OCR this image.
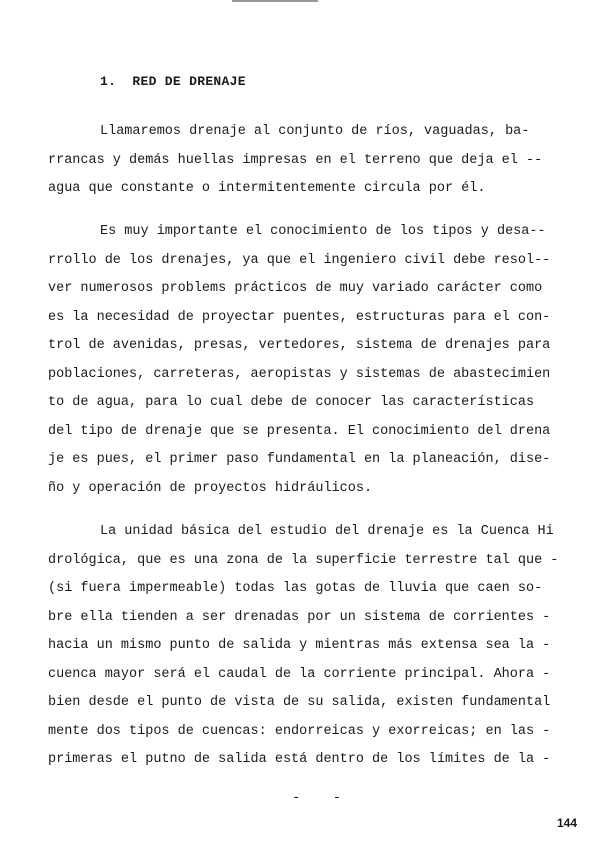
1.  RED DE DRENAJE
Llamaremos drenaje al conjunto de ríos, vaguadas, ba-
rrancas y demás huellas impresas en el terreno que deja el --
agua que constante o intermitentemente circula por él.
Es muy importante el conocimiento de los tipos y desa--
rrollo de los drenajes, ya que el ingeniero civil debe resol--
ver numerosos problems prácticos de muy variado carácter como
es la necesidad de proyectar puentes, estructuras para el con-
trol de avenidas, presas, vertedores, sistema de drenajes para
poblaciones, carreteras, aeropistas y sistemas de abastecimien
to de agua, para lo cual debe de conocer las características
del tipo de drenaje que se presenta. El conocimiento del drena
je es pues, el primer paso fundamental en la planeación, dise-
ño y operación de proyectos hidráulicos.
La unidad básica del estudio del drenaje es la Cuenca Hi
drológica, que es una zona de la superficie terrestre tal que -
(si fuera impermeable) todas las gotas de lluvia que caen so-
bre ella tienden a ser drenadas por un sistema de corrientes -
hacia un mismo punto de salida y mientras más extensa sea la -
cuenca mayor será el caudal de la corriente principal. Ahora -
bien desde el punto de vista de su salida, existen fundamental
mente dos tipos de cuencas: endorreicas y exorreicas; en las -
primeras el putno de salida está dentro de los límites de la -
- -
144
